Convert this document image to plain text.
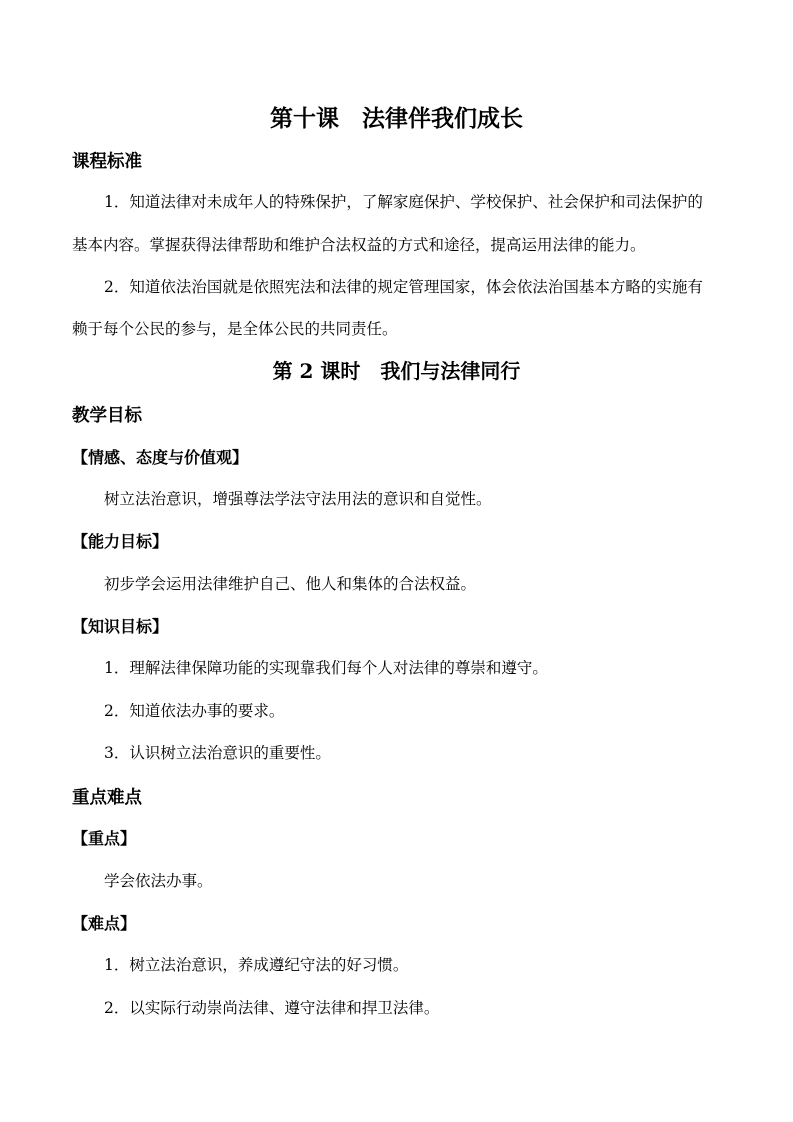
第十课　法律伴我们成长
课程标准

1．知道法律对未成年人的特殊保护，了解家庭保护、学校保护、社会保护和司法保护的

基本内容。掌握获得法律帮助和维护合法权益的方式和途径，提高运用法律的能力。

2．知道依法治国就是依照宪法和法律的规定管理国家，体会依法治国基本方略的实施有

赖于每个公民的参与，是全体公民的共同责任。

第 2 课时　我们与法律同行
教学目标
【情感、态度与价值观】

树立法治意识，增强尊法学法守法用法的意识和自觉性。

【能力目标】

初步学会运用法律维护自己、他人和集体的合法权益。

【知识目标】

1．理解法律保障功能的实现靠我们每个人对法律的尊崇和遵守。

2．知道依法办事的要求。

3．认识树立法治意识的重要性。

重点难点
【重点】

学会依法办事。

【难点】

1．树立法治意识，养成遵纪守法的好习惯。

2．以实际行动崇尚法律、遵守法律和捍卫法律。
